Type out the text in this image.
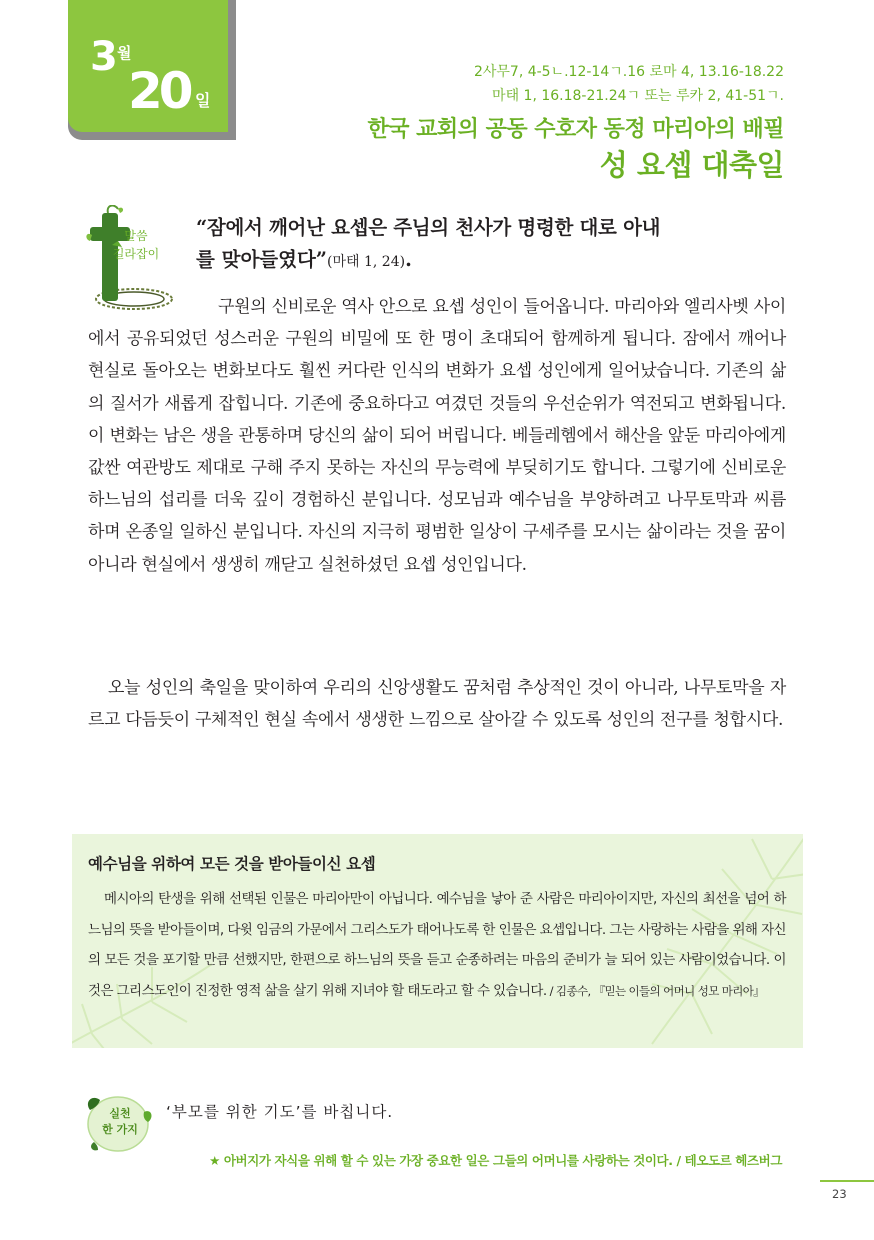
3 월
20 일
2사무7, 4-5ㄴ.12-14ㄱ.16 로마 4, 13.16-18.22
마태 1, 16.18-21.24ㄱ 또는 루카 2, 41-51ㄱ.
한국 교회의 공동 수호자 동정 마리아의 배필
성 요셉 대축일
말씀
길라잡이
“잠에서 깨어난 요셉은 주님의 천사가 명령한 대로 아내
를 맞아들였다”(마태 1, 24).
구원의 신비로운 역사 안으로 요셉 성인이 들어옵니다. 마리아와 엘리사벳 사이에서 공유되었던 성스러운 구원의 비밀에 또 한 명이 초대되어 함께하게 됩니다. 잠에서 깨어나 현실로 돌아오는 변화보다도 훨씬 커다란 인식의 변화가 요셉 성인에게 일어났습니다. 기존의 삶의 질서가 새롭게 잡힙니다. 기존에 중요하다고 여겼던 것들의 우선순위가 역전되고 변화됩니다. 이 변화는 남은 생을 관통하며 당신의 삶이 되어 버립니다. 베들레헴에서 해산을 앞둔 마리아에게 값싼 여관방도 제대로 구해 주지 못하는 자신의 무능력에 부딪히기도 합니다. 그렇기에 신비로운 하느님의 섭리를 더욱 깊이 경험하신 분입니다. 성모님과 예수님을 부양하려고 나무토막과 씨름하며 온종일 일하신 분입니다. 자신의 지극히 평범한 일상이 구세주를 모시는 삶이라는 것을 꿈이 아니라 현실에서 생생히 깨닫고 실천하셨던 요셉 성인입니다.
오늘 성인의 축일을 맞이하여 우리의 신앙생활도 꿈처럼 추상적인 것이 아니라, 나무토막을 자르고 다듬듯이 구체적인 현실 속에서 생생한 느낌으로 살아갈 수 있도록 성인의 전구를 청합시다.
예수님을 위하여 모든 것을 받아들이신 요셉
메시아의 탄생을 위해 선택된 인물은 마리아만이 아닙니다. 예수님을 낳아 준 사람은 마리아이지만, 자신의 최선을 넘어 하느님의 뜻을 받아들이며, 다윗 임금의 가문에서 그리스도가 태어나도록 한 인물은 요셉입니다. 그는 사랑하는 사람을 위해 자신의 모든 것을 포기할 만큼 선했지만, 한편으로 하느님의 뜻을 듣고 순종하려는 마음의 준비가 늘 되어 있는 사람이었습니다. 이것은 그리스도인이 진정한 영적 삶을 살기 위해 지녀야 할 태도라고 할 수 있습니다. / 김종수, 『믿는 이들의 어머니 성모 마리아』
실천
한 가지
‘부모를 위한 기도’를 바칩니다.
★ 아버지가 자식을 위해 할 수 있는 가장 중요한 일은 그들의 어머니를 사랑하는 것이다. / 테오도르 헤즈버그
23
